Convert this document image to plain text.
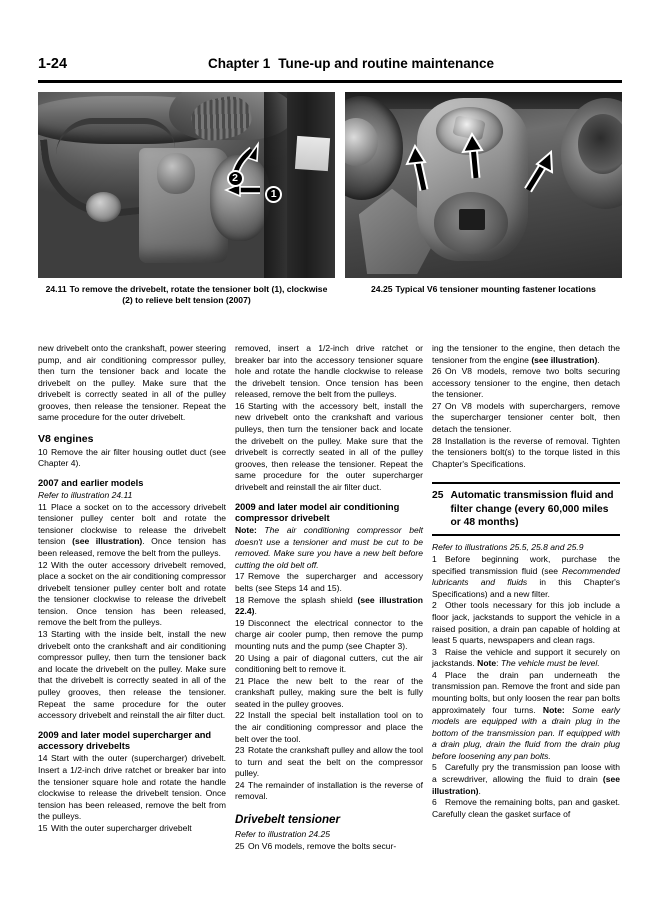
1-24	Chapter 1 Tune-up and routine maintenance
1
2
24.11 To remove the drivebelt, rotate the tensioner bolt (1), clockwise (2) to relieve belt tension (2007)
24.25 Typical V6 tensioner mounting fastener locations

new drivebelt onto the crankshaft, power steering pump, and air conditioning compressor pulley, then turn the tensioner back and locate the drivebelt on the pulley. Make sure that the drivebelt is correctly seated in all of the pulley grooves, then release the tensioner. Repeat the same procedure for the outer drivebelt.

V8 engines

10 Remove the air filter housing outlet duct (see Chapter 4).

2007 and earlier models

Refer to illustration 24.11

11 Place a socket on to the accessory drivebelt tensioner pulley center bolt and rotate the tensioner clockwise to release the drivebelt tension (see illustration). Once tension has been released, remove the belt from the pulleys.

12 With the outer accessory drivebelt removed, place a socket on the air conditioning compressor drivebelt tensioner pulley center bolt and rotate the tensioner clockwise to release the drivebelt tension. Once tension has been released, remove the belt from the pulleys.

13 Starting with the inside belt, install the new drivebelt onto the crankshaft and air conditioning compressor pulley, then turn the tensioner back and locate the drivebelt on the pulley. Make sure that the drivebelt is correctly seated in all of the pulley grooves, then release the tensioner. Repeat the same procedure for the outer accessory drivebelt and reinstall the air filter duct.

2009 and later model supercharger and accessory drivebelts

14 Start with the outer (supercharger) drivebelt. Insert a 1/2-inch drive ratchet or breaker bar into the tensioner square hole and rotate the handle clockwise to release the drivebelt tension. Once tension has been released, remove the belt from the pulleys.

15 With the outer supercharger drivebelt

removed, insert a 1/2-inch drive ratchet or breaker bar into the accessory tensioner square hole and rotate the handle clockwise to release the drivebelt tension. Once tension has been released, remove the belt from the pulleys.

16 Starting with the accessory belt, install the new drivebelt onto the crankshaft and various pulleys, then turn the tensioner back and locate the drivebelt on the pulley. Make sure that the drivebelt is correctly seated in all of the pulley grooves, then release the tensioner. Repeat the same procedure for the outer supercharger drivebelt and reinstall the air filter duct.

2009 and later model air conditioning compressor drivebelt

Note: The air conditioning compressor belt doesn't use a tensioner and must be cut to be removed. Make sure you have a new belt before cutting the old belt off.

17 Remove the supercharger and accessory belts (see Steps 14 and 15).

18 Remove the splash shield (see illustration 22.4).

19 Disconnect the electrical connector to the charge air cooler pump, then remove the pump mounting nuts and the pump (see Chapter 3).

20 Using a pair of diagonal cutters, cut the air conditioning belt to remove it.

21 Place the new belt to the rear of the crankshaft pulley, making sure the belt is fully seated in the pulley grooves.

22 Install the special belt installation tool on to the air conditioning compressor and place the belt over the tool.

23 Rotate the crankshaft pulley and allow the tool to turn and seat the belt on the compressor pulley.

24 The remainder of installation is the reverse of removal.

Drivebelt tensioner

Refer to illustration 24.25

25 On V6 models, remove the bolts secur-

ing the tensioner to the engine, then detach the tensioner from the engine (see illustration).

26 On V8 models, remove two bolts securing accessory tensioner to the engine, then detach the tensioner.

27 On V8 models with superchargers, remove the supercharger tensioner center bolt, then detach the tensioner.

28 Installation is the reverse of removal. Tighten the tensioners bolt(s) to the torque listed in this Chapter's Specifications.

25 Automatic transmission fluid and filter change (every 60,000 miles or 48 months)

Refer to illustrations 25.5, 25.8 and 25.9

1 Before beginning work, purchase the specified transmission fluid (see Recommended lubricants and fluids in this Chapter's Specifications) and a new filter.

2 Other tools necessary for this job include a floor jack, jackstands to support the vehicle in a raised position, a drain pan capable of holding at least 5 quarts, newspapers and clean rags.

3 Raise the vehicle and support it securely on jackstands. Note: The vehicle must be level.

4 Place the drain pan underneath the transmission pan. Remove the front and side pan mounting bolts, but only loosen the rear pan bolts approximately four turns. Note: Some early models are equipped with a drain plug in the bottom of the transmission pan. If equipped with a drain plug, drain the fluid from the drain plug before loosening any pan bolts.

5 Carefully pry the transmission pan loose with a screwdriver, allowing the fluid to drain (see illustration).

6 Remove the remaining bolts, pan and gasket. Carefully clean the gasket surface of
